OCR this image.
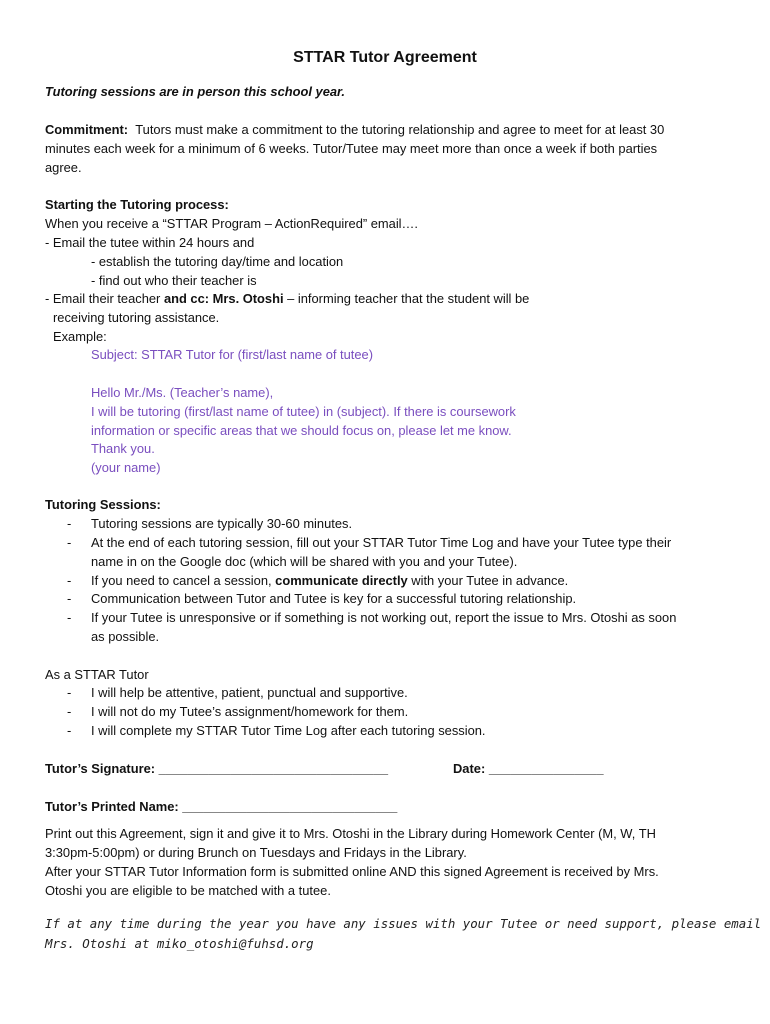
STTAR Tutor Agreement
Tutoring sessions are in person this school year.
Commitment: Tutors must make a commitment to the tutoring relationship and agree to meet for at least 30
minutes each week for a minimum of 6 weeks. Tutor/Tutee may meet more than once a week if both parties
agree.
Starting the Tutoring process:
When you receive a “STTAR Program – ActionRequired” email….
- Email the tutee within 24 hours and
- establish the tutoring day/time and location
- find out who their teacher is
- Email their teacher and cc: Mrs. Otoshi – informing teacher that the student will be
receiving tutoring assistance.
Example:
Subject: STTAR Tutor for (first/last name of tutee)
Hello Mr./Ms. (Teacher’s name),
I will be tutoring (first/last name of tutee) in (subject). If there is coursework
information or specific areas that we should focus on, please let me know.
Thank you.
(your name)
Tutoring Sessions:
- Tutoring sessions are typically 30-60 minutes.
- At the end of each tutoring session, fill out your STTAR Tutor Time Log and have your Tutee type their
name in on the Google doc (which will be shared with you and your Tutee).
- If you need to cancel a session, communicate directly with your Tutee in advance.
- Communication between Tutor and Tutee is key for a successful tutoring relationship.
- If your Tutee is unresponsive or if something is not working out, report the issue to Mrs. Otoshi as soon
as possible.
As a STTAR Tutor
- I will help be attentive, patient, punctual and supportive.
- I will not do my Tutee’s assignment/homework for them.
- I will complete my STTAR Tutor Time Log after each tutoring session.
Tutor’s Signature: ________________________________	Date: ________________
Tutor’s Printed Name: ______________________________
Print out this Agreement, sign it and give it to Mrs. Otoshi in the Library during Homework Center (M, W, TH
3:30pm-5:00pm) or during Brunch on Tuesdays and Fridays in the Library.
After your STTAR Tutor Information form is submitted online AND this signed Agreement is received by Mrs.
Otoshi you are eligible to be matched with a tutee.
If at any time during the year you have any issues with your Tutee or need support, please email
Mrs. Otoshi at miko_otoshi@fuhsd.org
